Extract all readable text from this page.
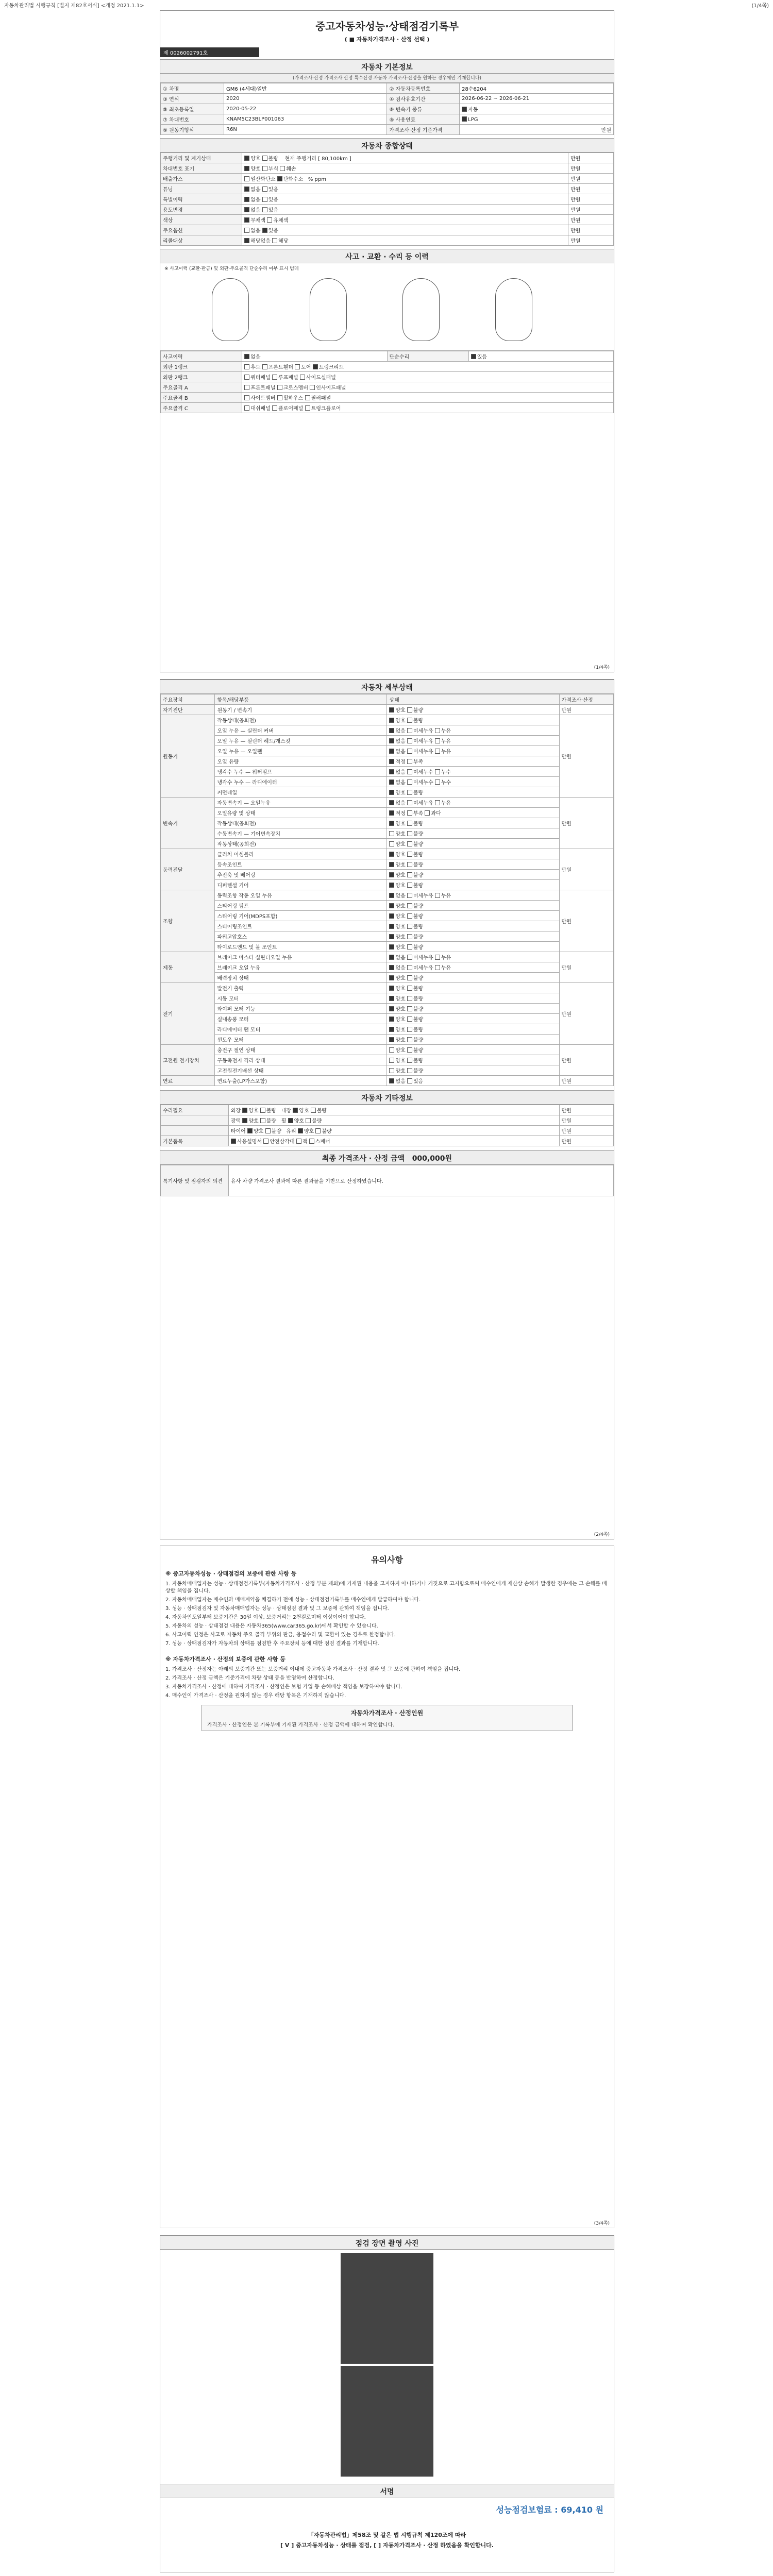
자동차관리법 시행규칙 [별지 제82호서식] <개정 2021.1.1>	(1/4쪽)
중고자동차성능·상태점검기록부
( ■ 자동차가격조사 · 산정 선택 )
제 0026002791호
자동차 기본정보
(가격조사·산정 가격조사·산정 특수산정 자동차 가격조사·산정을 원하는 경우에만 기재합니다)
① 차명	GM6 (4세대)일반	② 자동차등록번호	28수6204
③ 연식	2020	④ 검사유효기간	2026-06-22 ~ 2026-06-21
⑤ 최초등록일	2020-05-22	⑥ 변속기 종류	자동
⑦ 차대번호	KNAM5C23BLP001063	⑧ 사용연료	LPG
⑨ 원동기형식	R6N	가격조사·산정 기준가격	만원
자동차 종합상태
주행거리 및 계기상태	양호 불량    현재 주행거리 [ 80,100km ]	만원
차대번호 표기	양호 부식 훼손	만원
배출가스	일산화탄소 탄화수소   % ppm	만원
튜닝	없음 있음	만원
특별이력	없음 있음	만원
용도변경	없음 있음	만원
색상	무채색 유채색	만원
주요옵션	없음 있음	만원
리콜대상	해당없음 해당	만원
사고 · 교환 · 수리 등 이력
※ 사고이력 (교환·판금) 및 외판·주요골격 단순수리 여부 표시 범례
사고이력	없음	단순수리	있음
외판 1랭크	후드 프론트휀더 도어 트렁크리드		
외판 2랭크	쿼터패널 루프패널 사이드실패널		
주요골격 A	프론트패널 크로스멤버 인사이드패널		
주요골격 B	사이드멤버 휠하우스 필러패널		
주요골격 C	대쉬패널 플로어패널 트렁크플로어		
(1/4쪽)
자동차 세부상태
주요장치	항목/해당부품	상태	가격조사·산정
자기진단	원동기 / 변속기	양호 불량	만원
원동기	작동상태(공회전)	양호 불량	만원
	오일 누유 — 실린더 커버	없음 미세누유 누유	
	오일 누유 — 실린더 헤드/개스킷	없음 미세누유 누유	
	오일 누유 — 오일팬	없음 미세누유 누유	
	오일 유량	적정 부족	
	냉각수 누수 — 워터펌프	없음 미세누수 누수	
	냉각수 누수 — 라디에이터	없음 미세누수 누수	
	커먼레일	양호 불량	
변속기	자동변속기 — 오일누유	없음 미세누유 누유	만원
	오일유량 및 상태	적정 부족 과다	
	작동상태(공회전)	양호 불량	
	수동변속기 — 기어변속장치	양호 불량	
	작동상태(공회전)	양호 불량	
동력전달	클러치 어셈블리	양호 불량	만원
	등속조인트	양호 불량	
	추진축 및 베어링	양호 불량	
	디퍼렌셜 기어	양호 불량	
조향	동력조향 작동 오일 누유	없음 미세누유 누유	만원
	스티어링 펌프	양호 불량	
	스티어링 기어(MDPS포함)	양호 불량	
	스티어링조인트	양호 불량	
	파워고압호스	양호 불량	
	타이로드엔드 및 볼 조인트	양호 불량	
제동	브레이크 마스터 실린더오일 누유	없음 미세누유 누유	만원
	브레이크 오일 누유	없음 미세누유 누유	
	배력장치 상태	양호 불량	
전기	발전기 출력	양호 불량	만원
	시동 모터	양호 불량	
	와이퍼 모터 기능	양호 불량	
	실내송풍 모터	양호 불량	
	라디에이터 팬 모터	양호 불량	
	윈도우 모터	양호 불량	
고전원 전기장치	충전구 절연 상태	양호 불량	만원
	구동축전지 격리 상태	양호 불량	
	고전원전기배선 상태	양호 불량	
연료	연료누출(LP가스포함)	없음 있음	만원
자동차 기타정보
수리필요	외장 양호 불량   내장 양호 불량	만원
	광택 양호 불량   휠 양호 불량	만원
	타이어 양호 불량   유리 양호 불량	만원
기본품목	사용설명서 안전삼각대 잭 스패너	만원
최종 가격조사 · 산정 금액 000,000원
특기사항 및 점검자의 의견	유사 차량 가격조사 결과에 따른 결과물을 기반으로 산정하였습니다.
(2/4쪽)
유의사항
※ 중고자동차성능 · 상태점검의 보증에 관한 사항 등

1. 자동차매매업자는 성능 · 상태점검기록부(자동차가격조사 · 산정 부분 제외)에 기재된 내용을 고지하지 아니하거나 거짓으로 고지함으로써 매수인에게 재산상 손해가 발생한 경우에는 그 손해를 배상할 책임을 집니다.

2. 자동차매매업자는 매수인과 매매계약을 체결하기 전에 성능 · 상태점검기록부를 매수인에게 발급하여야 합니다.

3. 성능 · 상태점검자 및 자동차매매업자는 성능 · 상태점검 결과 및 그 보증에 관하여 책임을 집니다.

4. 자동차인도일부터 보증기간은 30일 이상, 보증거리는 2천킬로미터 이상이어야 합니다.

5. 자동차의 성능 · 상태점검 내용은 자동차365(www.car365.go.kr)에서 확인할 수 있습니다.

6. 사고이력 인정은 사고로 자동차 주요 골격 부위의 판금, 용접수리 및 교환이 있는 경우로 한정합니다.

7. 성능 · 상태점검자가 자동차의 상태를 점검한 후 주요장치 등에 대한 점검 결과를 기재합니다.

※ 자동차가격조사 · 산정의 보증에 관한 사항 등

1. 가격조사 · 산정자는 아래의 보증기간 또는 보증거리 이내에 중고자동차 가격조사 · 산정 결과 및 그 보증에 관하여 책임을 집니다.

2. 가격조사 · 산정 금액은 기준가격에 차량 상태 등을 반영하여 산정합니다.

3. 자동차가격조사 · 산정에 대하여 가격조사 · 산정인은 보험 가입 등 손해배상 책임을 보장하여야 합니다.

4. 매수인이 가격조사 · 산정을 원하지 않는 경우 해당 항목은 기재하지 않습니다.

자동차가격조사 · 산정인원

가격조사 · 산정인은 본 기록부에 기재된 가격조사 · 산정 금액에 대하여 확인합니다.

(3/4쪽)
점검 장면 촬영 사진
서명
성능점검보험료 : 69,410 원
「자동차관리법」제58조 및 같은 법 시행규칙 제120조에 따라
[ V ] 중고자동차성능 · 상태를 점검, [ ] 자동차가격조사 · 산정 하였음을 확인합니다.
